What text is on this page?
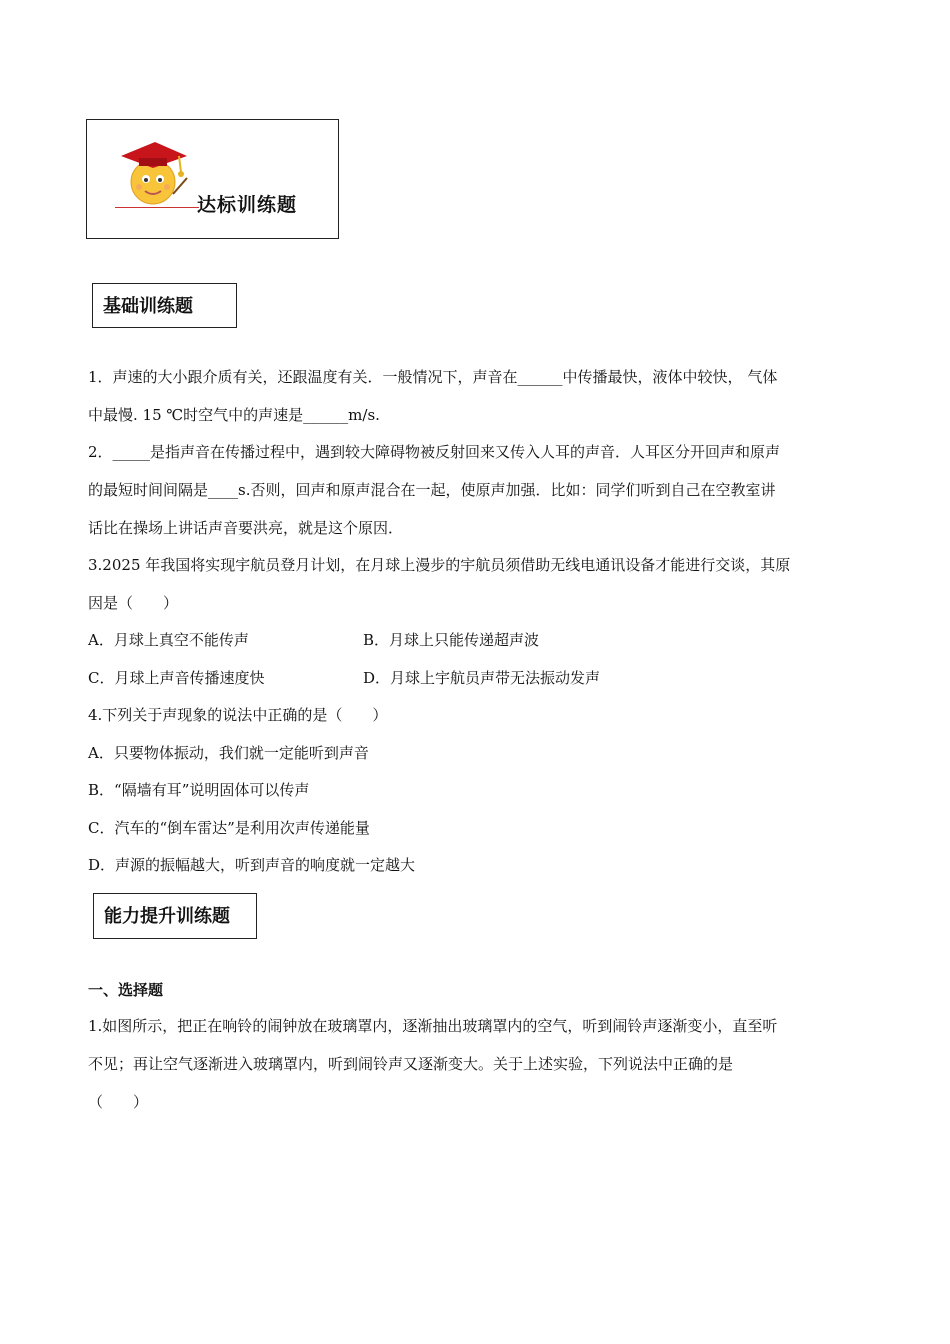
达标训练题
基础训练题
1．声速的大小跟介质有关，还跟温度有关．一般情况下，声音在______中传播最快，液体中较快， 气体
中最慢. 15 ℃时空气中的声速是______m/s.
2．_____是指声音在传播过程中，遇到较大障碍物被反射回来又传入人耳的声音．人耳区分开回声和原声
的最短时间间隔是____s.否则，回声和原声混合在一起，使原声加强．比如：同学们听到自己在空教室讲
话比在操场上讲话声音要洪亮，就是这个原因．
3.2025 年我国将实现宇航员登月计划，在月球上漫步的宇航员须借助无线电通讯设备才能进行交谈，其原
因是（　　）
A．月球上真空不能传声	B．月球上只能传递超声波
C．月球上声音传播速度快	D．月球上宇航员声带无法振动发声
4.下列关于声现象的说法中正确的是（　　）
A．只要物体振动，我们就一定能听到声音
B．“隔墙有耳”说明固体可以传声
C．汽车的“倒车雷达”是利用次声传递能量
D．声源的振幅越大，听到声音的响度就一定越大
能力提升训练题
一、选择题
1.如图所示，把正在响铃的闹钟放在玻璃罩内，逐渐抽出玻璃罩内的空气，听到闹铃声逐渐变小，直至听
不见；再让空气逐渐进入玻璃罩内，听到闹铃声又逐渐变大。关于上述实验，下列说法中正确的是
（　　）
